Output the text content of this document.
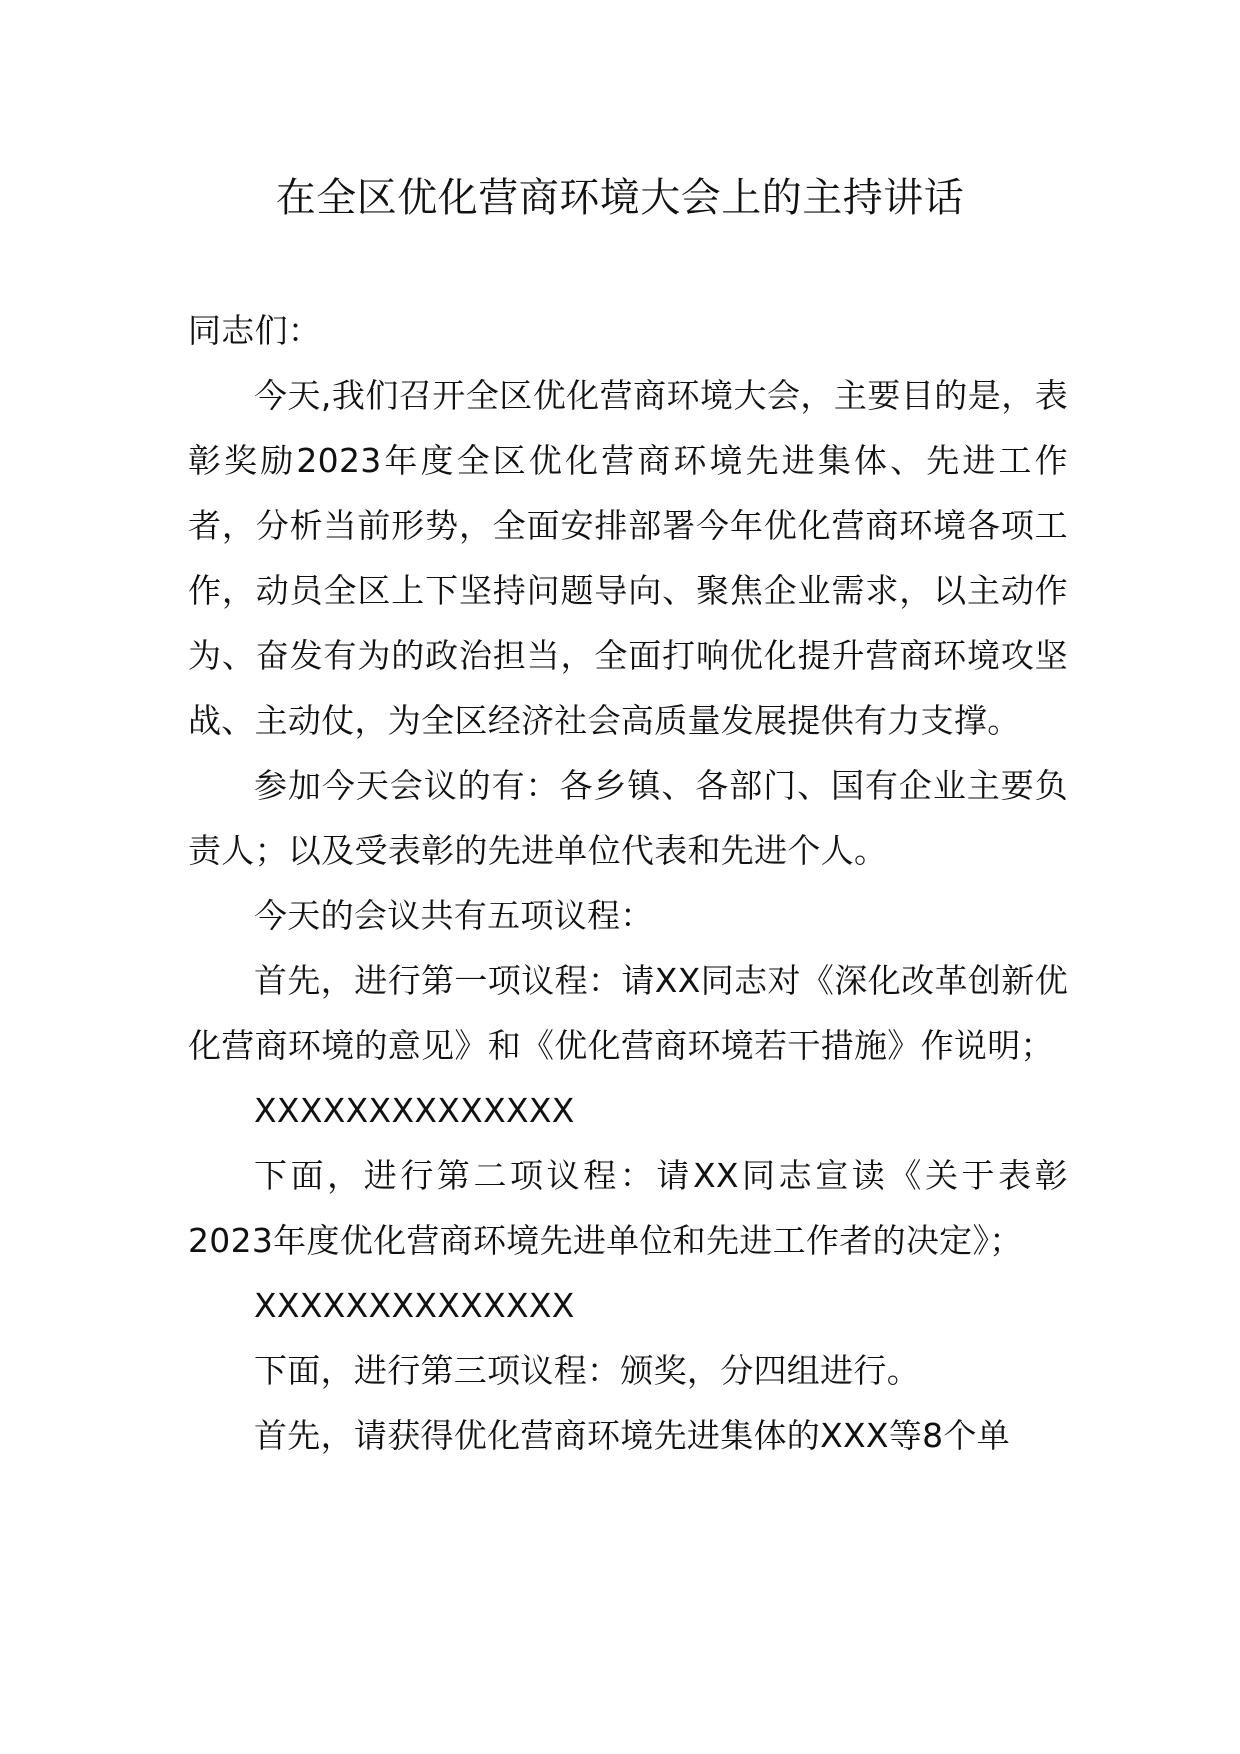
在全区优化营商环境大会上的主持讲话

同志们：

今天,我们召开全区优化营商环境大会，主要目的是，表彰奖励2023年度全区优化营商环境先进集体、先进工作者，分析当前形势，全面安排部署今年优化营商环境各项工作，动员全区上下坚持问题导向、聚焦企业需求，以主动作为、奋发有为的政治担当，全面打响优化提升营商环境攻坚战、主动仗，为全区经济社会高质量发展提供有力支撑。

参加今天会议的有：各乡镇、各部门、国有企业主要负责人；以及受表彰的先进单位代表和先进个人。

今天的会议共有五项议程：

首先，进行第一项议程：请XX同志对《深化改革创新优化营商环境的意见》和《优化营商环境若干措施》作说明；

XXXXXXXXXXXXXX

下面，进行第二项议程：请XX同志宣读《关于表彰2023年度优化营商环境先进单位和先进工作者的决定》；

XXXXXXXXXXXXXX

下面，进行第三项议程：颁奖，分四组进行。

首先，请获得优化营商环境先进集体的XXX等8个单
